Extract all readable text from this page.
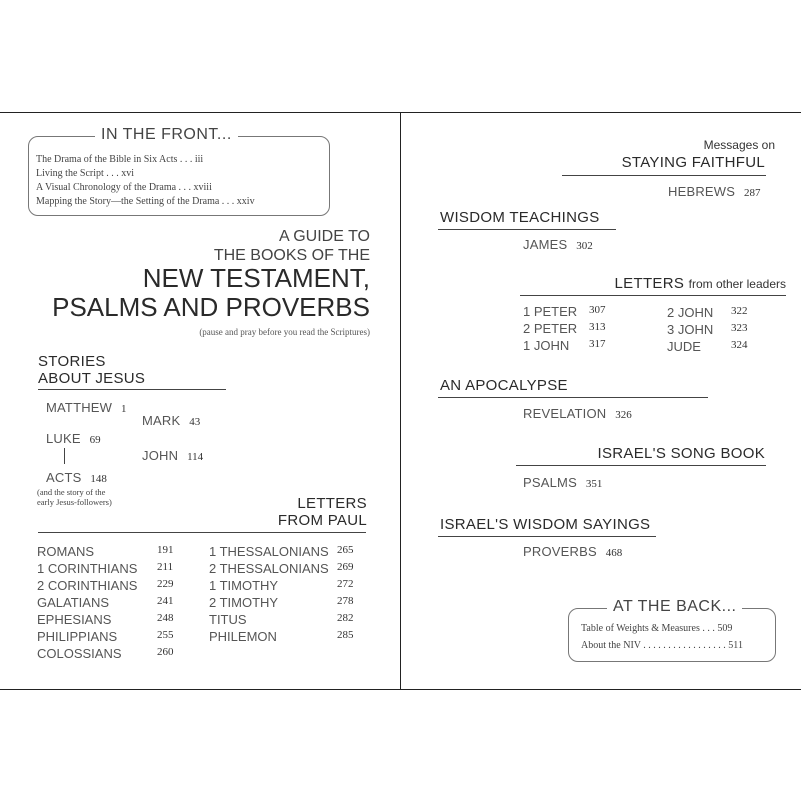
IN THE FRONT...
The Drama of the Bible in Six Acts . . . iii
Living the Script . . . xvi
A Visual Chronology of the Drama . . . xviii
Mapping the Story—the Setting of the Drama . . . xxiv
A GUIDE TO
THE BOOKS OF THE
NEW TESTAMENT,
PSALMS AND PROVERBS
(pause and pray before you read the Scriptures)
STORIES
ABOUT JESUS
MATTHEW 1
MARK 43
LUKE 69
JOHN 114
ACTS 148
(and the story of the
early Jesus-followers)	LETTERS
FROM PAUL
ROMANS	191
1 CORINTHIANS	211
2 CORINTHIANS	229
GALATIANS	241
EPHESIANS	248
PHILIPPIANS	255
COLOSSIANS	260
1 THESSALONIANS 265
2 THESSALONIANS 269
1 TIMOTHY	272
2 TIMOTHY	278
TITUS	282
PHILEMON	285
Messages on
STAYING FAITHFUL
HEBREWS 287
WISDOM TEACHINGS
JAMES 302
LETTERS from other leaders
1 PETER	307
2 PETER	313
1 JOHN	317
2 JOHN	322
3 JOHN	323
JUDE	324
AN APOCALYPSE
REVELATION 326
ISRAEL'S SONG BOOK
PSALMS 351
ISRAEL'S WISDOM SAYINGS
PROVERBS 468
AT THE BACK...
Table of Weights & Measures . . . 509
About the NIV . . . . . . . . . . . . . . . . . 511
